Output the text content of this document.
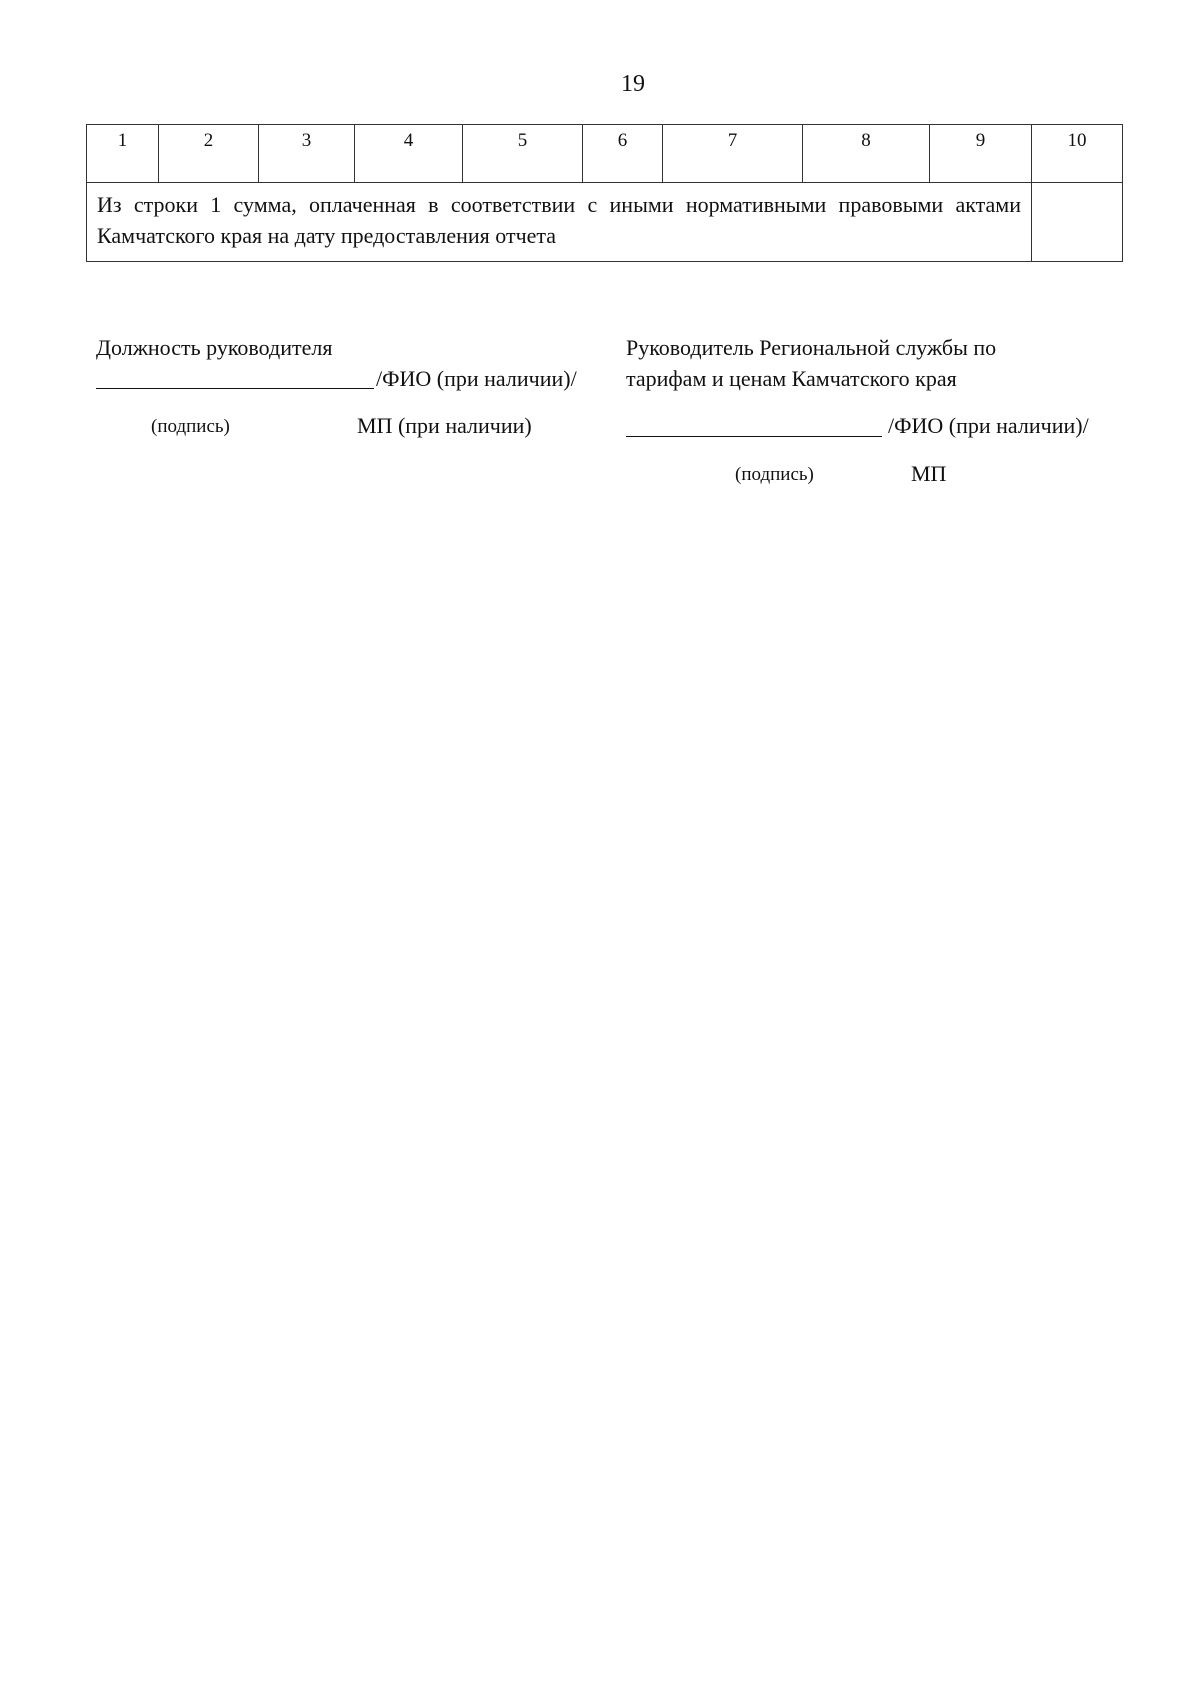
19
1	2	3	4	5	6	7	8	9	10

Из строки 1 сумма, оплаченная в соответствии с иными нормативными правовыми актами Камчатского края на дату предоставления отчета									

Должность руководителя
/ФИО (при наличии)/
(подпись)	МП (при наличии)
Руководитель Региональной службы по
тарифам и ценам Камчатского края
/ФИО (при наличии)/
(подпись)	МП
